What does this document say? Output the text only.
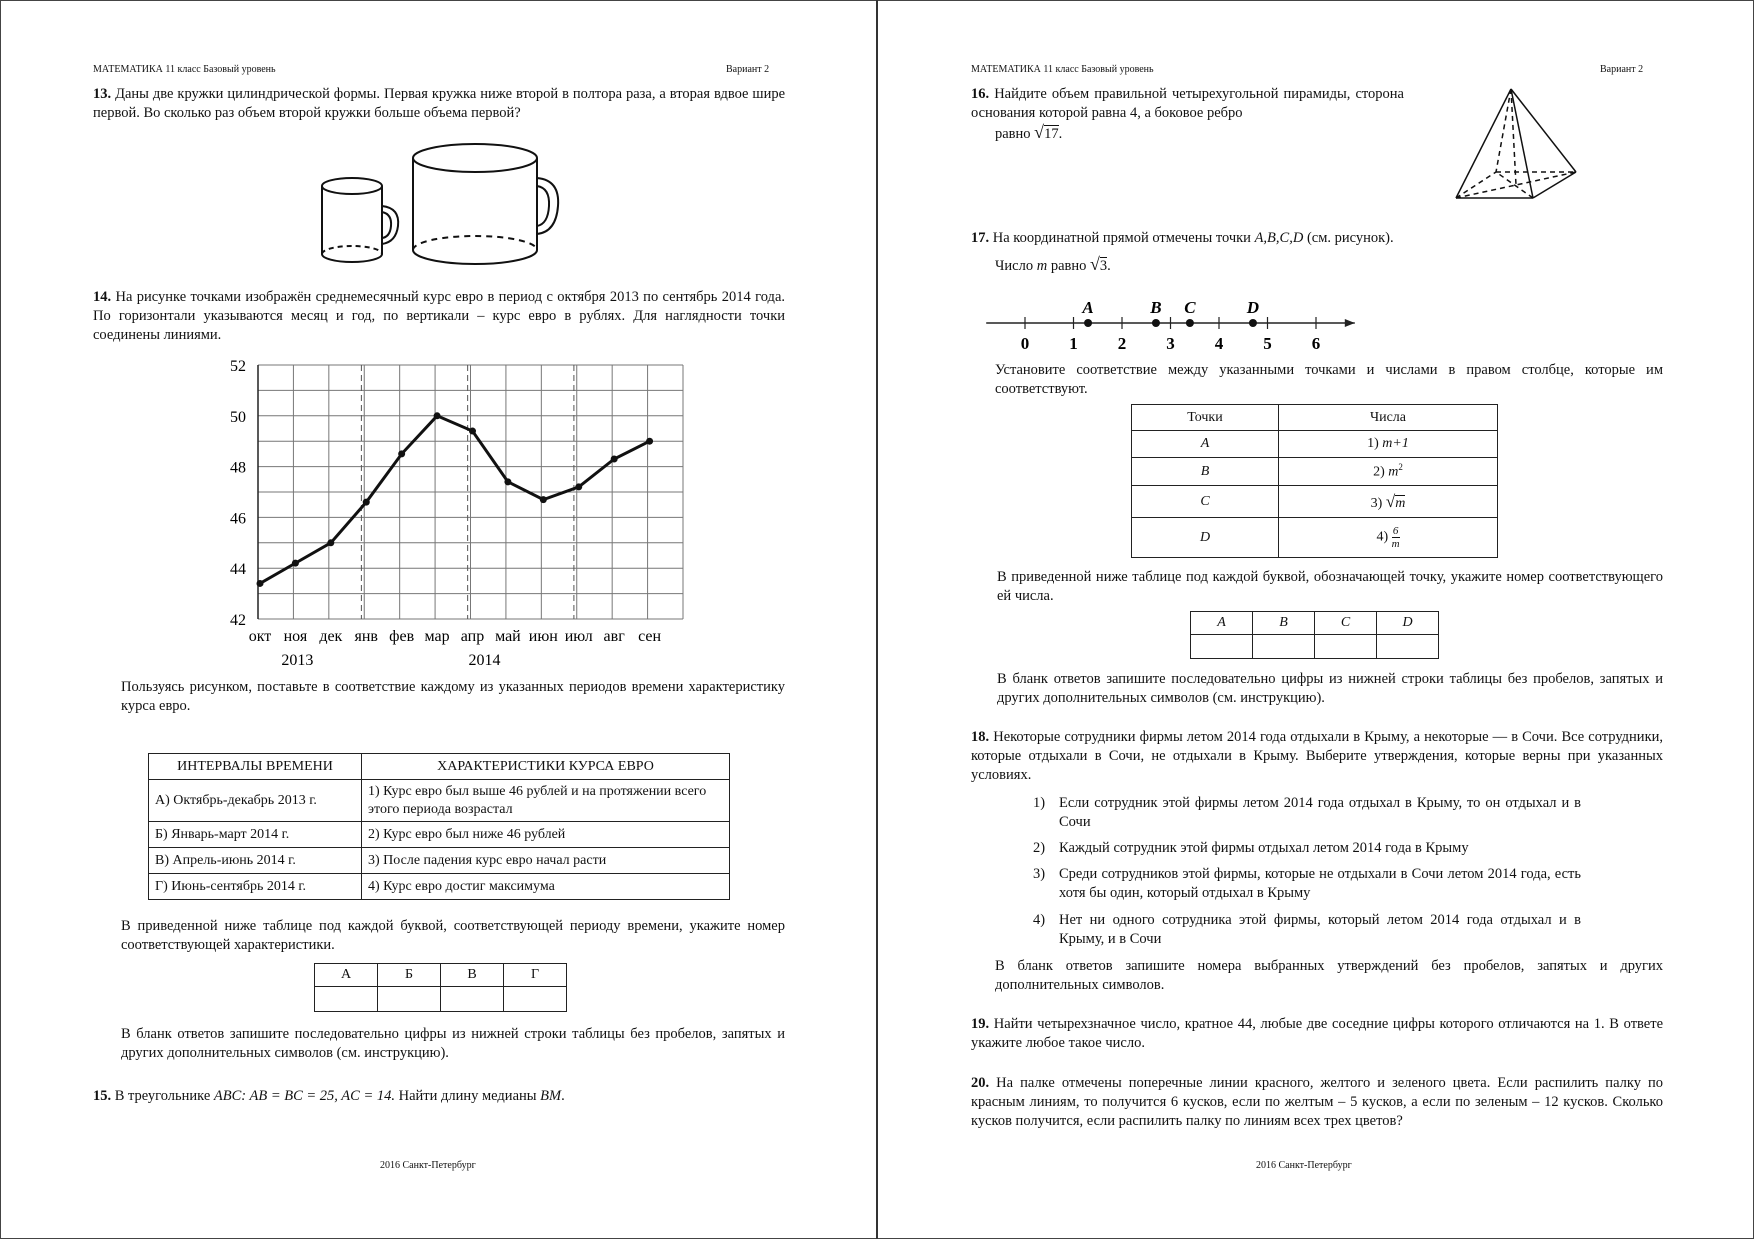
МАТЕМАТИКА 11 класс Базовый уровень	Вариант 2
13. Даны две кружки цилиндрической формы. Первая кружка ниже второй в полтора раза, а вторая вдвое шире первой. Во сколько раз объем второй кружки больше объема первой?
14. На рисунке точками изображён среднемесячный курс евро в период с октября 2013 по сентябрь 2014 года. По горизонтали указываются месяц и год, по вертикали – курс евро в рублях. Для наглядности точки соединены линиями.
42
44
46
48
50
52
окт ноя дек янв фев мар апр май июн июл авг сен
2013	2014
Пользуясь рисунком, поставьте в соответствие каждому из указанных периодов времени характеристику курса евро.
ИНТЕРВАЛЫ ВРЕМЕНИ	ХАРАКТЕРИСТИКИ КУРСА ЕВРО
А) Октябрь-декабрь 2013 г.	1) Курс евро был выше 46 рублей и на протяжении всего этого периода возрастал
Б) Январь-март 2014 г.	2) Курс евро был ниже 46 рублей
В) Апрель-июнь 2014 г.	3) После падения курс евро начал расти
Г) Июнь-сентябрь 2014 г.	4) Курс евро достиг максимума
В приведенной ниже таблице под каждой буквой, соответствующей периоду времени, укажите номер соответствующей характеристики.
А	Б	В	Г

В бланк ответов запишите последовательно цифры из нижней строки таблицы без пробелов, запятых и других дополнительных символов (см. инструкцию).
15. В треугольнике ABC: AB = BC = 25, AC = 14. Найти длину медианы BM.
2016 Санкт-Петербург
МАТЕМАТИКА 11 класс Базовый уровень	Вариант 2
16. Найдите объем правильной четырехугольной пирамиды, сторона основания которой равна 4, а боковое ребро
равно √17.
17. На координатной прямой отмечены точки A,B,C,D (см. рисунок).
Число m равно √3.
0 1 2 3 4 5 6
A	B C	D
Установите соответствие между указанными точками и числами в правом столбце, которые им соответствуют.
Точки	Числа
A	1) m+1
B	2) $m^2$
C	3) √m
D	$4) \frac{6}{m}$
В приведенной ниже таблице под каждой буквой, обозначающей точку, укажите номер соответствующего ей числа.
A	B	C	D

В бланк ответов запишите последовательно цифры из нижней строки таблицы без пробелов, запятых и других дополнительных символов (см. инструкцию).
18. Некоторые сотрудники фирмы летом 2014 года отдыхали в Крыму, а некоторые — в Сочи. Все сотрудники, которые отдыхали в Сочи, не отдыхали в Крыму. Выберите утверждения, которые верны при указанных условиях.
1) Если сотрудник этой фирмы летом 2014 года отдыхал в Крыму, то он отдыхал и в Сочи
2) Каждый сотрудник этой фирмы отдыхал летом 2014 года в Крыму
3) Среди сотрудников этой фирмы, которые не отдыхали в Сочи летом 2014 года, есть хотя бы один, который отдыхал в Крыму
4) Нет ни одного сотрудника этой фирмы, который летом 2014 года отдыхал и в Крыму, и в Сочи
В бланк ответов запишите номера выбранных утверждений без пробелов, запятых и других дополнительных символов.
19. Найти четырехзначное число, кратное 44, любые две соседние цифры которого отличаются на 1. В ответе укажите любое такое число.
20. На палке отмечены поперечные линии красного, желтого и зеленого цвета. Если распилить палку по красным линиям, то получится 6 кусков, если по желтым – 5 кусков, а если по зеленым – 12 кусков. Сколько кусков получится, если распилить палку по линиям всех трех цветов?
2016 Санкт-Петербург
